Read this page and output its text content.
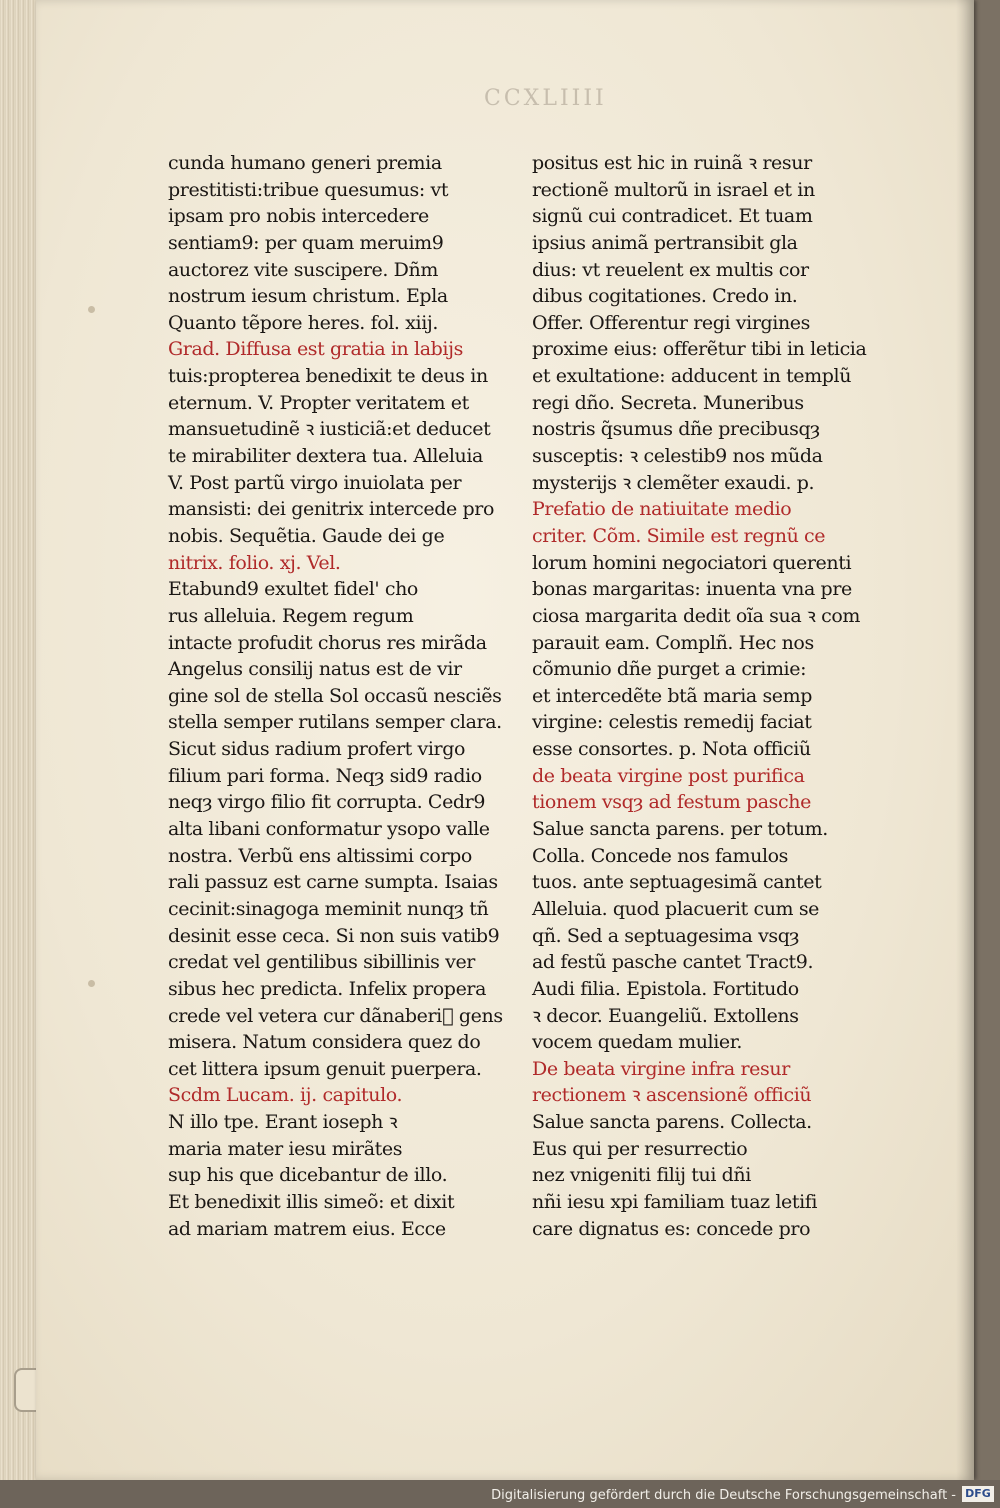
CCXLIIII
cunda humano generi premia
prestitisti:tribue quesumus: vt
ipsam pro nobis intercedere
sentiam9: per quam meruim9
auctorez vite suscipere. Dñm
nostrum iesum christum. Epla
Quanto tẽpore heres. fol. xiij.
Grad. Diffusa est gratia in labijs
tuis:propterea benedixit te deus in
eternum. V. Propter veritatem et
mansuetudinẽ ꝛ iusticiã:et deducet
te mirabiliter dextera tua. Alleluia
V. Post partũ virgo inuiolata per
mansisti: dei genitrix intercede pro
nobis. Sequẽtia. Gaude dei ge
nitrix. folio. xj. Vel.
Etabund9 exultet fidel' cho
rus alleluia. Regem regum
intacte profudit chorus res mirãda
Angelus consilij natus est de vir
gine sol de stella Sol occasũ nesciẽs
stella semper rutilans semper clara.
Sicut sidus radium profert virgo
filium pari forma. Neqȝ sid9 radio
neqȝ virgo filio fit corrupta. Cedr9
alta libani conformatur ysopo valle
nostra. Verbũ ens altissimi corpo
rali passuz est carne sumpta. Isaias
cecinit:sinagoga meminit nunqȝ tñ
desinit esse ceca. Si non suis vatib9
credat vel gentilibus sibillinis ver
sibus hec predicta. Infelix propera
crede vel vetera cur dãnaberiᷣ gens
misera. Natum considera quez do
cet littera ipsum genuit puerpera.
Scdm Lucam. ij. capitulo.
N illo tpe. Erant ioseph ꝛ
maria mater iesu mirãtes
sup his que dicebantur de illo.
Et benedixit illis simeõ: et dixit
ad mariam matrem eius. Ecce
positus est hic in ruinã ꝛ resur
rectionẽ multorũ in israel et in
signũ cui contradicet. Et tuam
ipsius animã pertransibit gla
dius: vt reuelent ex multis cor
dibus cogitationes. Credo in.
Offer. Offerentur regi virgines
proxime eius: offerẽtur tibi in leticia
et exultatione: adducent in templũ
regi dño. Secreta. Muneribus
nostris q̃sumus dñe precibusqȝ
susceptis: ꝛ celestib9 nos mũda
mysterijs ꝛ clemẽter exaudi. p.
Prefatio de natiuitate medio
criter. Cõm. Simile est regnũ ce
lorum homini negociatori querenti
bonas margaritas: inuenta vna pre
ciosa margarita dedit oĩa sua ꝛ com
parauit eam. Complñ. Hec nos
cõmunio dñe purget a crimie:
et intercedẽte btã maria semp
virgine: celestis remedij faciat
esse consortes. p. Nota officiũ
de beata virgine post purifica
tionem vsqȝ ad festum pasche
Salue sancta parens. per totum.
Colla. Concede nos famulos
tuos. ante septuagesimã cantet
Alleluia. quod placuerit cum se
qñ. Sed a septuagesima vsqȝ
ad festũ pasche cantet Tract9.
Audi filia. Epistola. Fortitudo
ꝛ decor. Euangeliũ. Extollens
vocem quedam mulier.
De beata virgine infra resur
rectionem ꝛ ascensionẽ officiũ
Salue sancta parens. Collecta.
Eus qui per resurrectio
nez vnigeniti filij tui dñi
nñi iesu xpi familiam tuaz letifi
care dignatus es: concede pro
Digitalisierung gefördert durch die Deutsche Forschungsgemeinschaft - DFG
